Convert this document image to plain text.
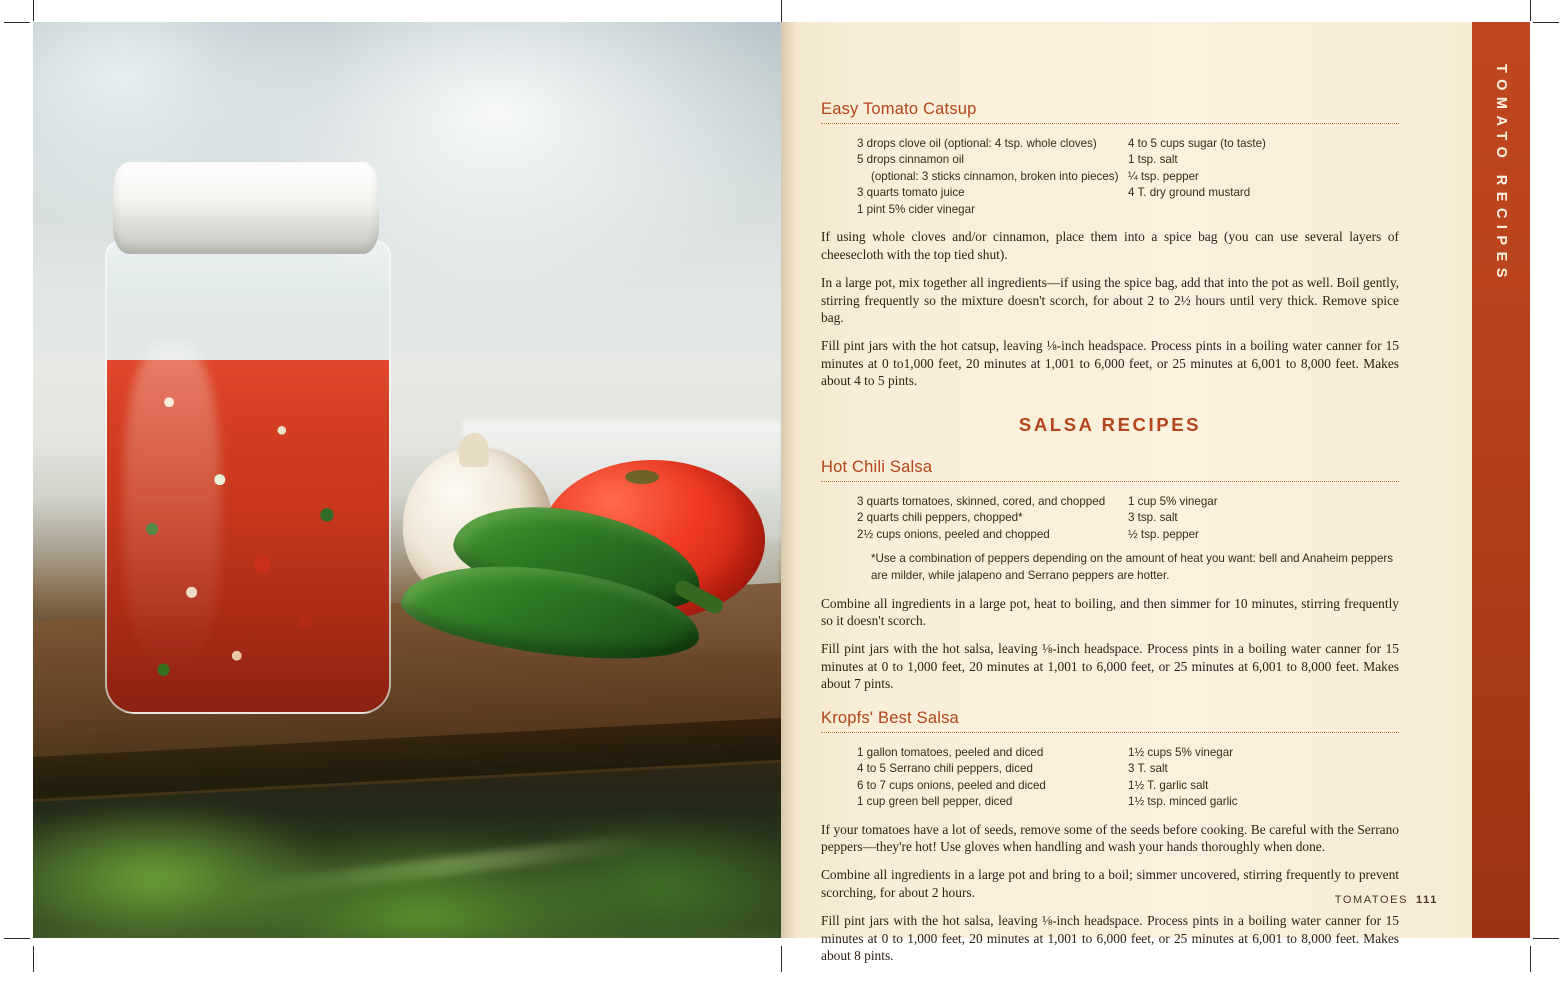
TOMATO RECIPES
Easy Tomato Catsup
3 drops clove oil (optional: 4 tsp. whole cloves)
5 drops cinnamon oil
(optional: 3 sticks cinnamon, broken into pieces)
3 quarts tomato juice
1 pint 5% cider vinegar
4 to 5 cups sugar (to taste)
1 tsp. salt
¼ tsp. pepper
4 T. dry ground mustard

If using whole cloves and/or cinnamon, place them into a spice bag (you can use several layers of cheesecloth with the top tied shut).

In a large pot, mix together all ingredients—if using the spice bag, add that into the pot as well. Boil gently, stirring frequently so the mixture doesn't scorch, for about 2 to 2½ hours until very thick. Remove spice bag.

Fill pint jars with the hot catsup, leaving ⅛-inch headspace. Process pints in a boiling water canner for 15 minutes at 0 to1,000 feet, 20 minutes at 1,001 to 6,000 feet, or 25 minutes at 6,001 to 8,000 feet. Makes about 4 to 5 pints.

SALSA RECIPES
Hot Chili Salsa
3 quarts tomatoes, skinned, cored, and chopped
2 quarts chili peppers, chopped*
2½ cups onions, peeled and chopped
1 cup 5% vinegar
3 tsp. salt
½ tsp. pepper
*Use a combination of peppers depending on the amount of heat you want: bell and Anaheim peppers are milder, while jalapeno and Serrano peppers are hotter.

Combine all ingredients in a large pot, heat to boiling, and then simmer for 10 minutes, stirring frequently so it doesn't scorch.

Fill pint jars with the hot salsa, leaving ⅛-inch headspace. Process pints in a boiling water canner for 15 minutes at 0 to 1,000 feet, 20 minutes at 1,001 to 6,000 feet, or 25 minutes at 6,001 to 8,000 feet. Makes about 7 pints.

Kropfs' Best Salsa
1 gallon tomatoes, peeled and diced
4 to 5 Serrano chili peppers, diced
6 to 7 cups onions, peeled and diced
1 cup green bell pepper, diced
1½ cups 5% vinegar
3 T. salt
1½ T. garlic salt
1½ tsp. minced garlic

If your tomatoes have a lot of seeds, remove some of the seeds before cooking. Be careful with the Serrano peppers—they're hot! Use gloves when handling and wash your hands thoroughly when done.

Combine all ingredients in a large pot and bring to a boil; simmer uncovered, stirring frequently to prevent scorching, for about 2 hours.

Fill pint jars with the hot salsa, leaving ⅛-inch headspace. Process pints in a boiling water canner for 15 minutes at 0 to 1,000 feet, 20 minutes at 1,001 to 6,000 feet, or 25 minutes at 6,001 to 8,000 feet. Makes about 8 pints.

TOMATOES 111
